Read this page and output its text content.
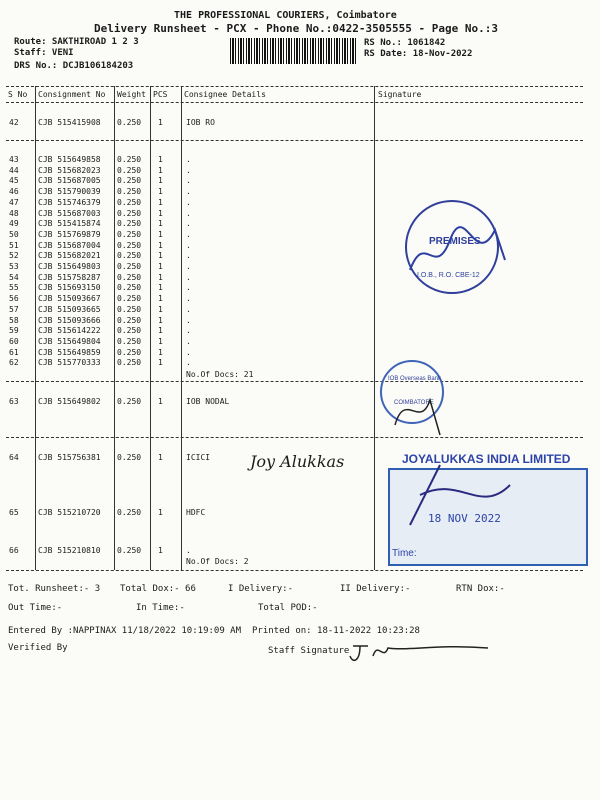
THE PROFESSIONAL COURIERS, Coimbatore
Delivery Runsheet - PCX - Phone No.:0422-3505555 - Page No.:3
Route: SAKTHIROAD 1 2 3
Staff: VENI
DRS No.: DCJB106184203
RS No.: 1061842
RS Date: 18-Nov-2022
S No Consignment No Weight PCS Consignee Details	Signature
42 CJB 515415908 0.250 1	IOB RO
43 CJB 515649858 0.250 1	.
44 CJB 515682023 0.250 1	.
45 CJB 515687005 0.250 1	.
46 CJB 515790039 0.250 1	.
47 CJB 515746379 0.250 1	.
48 CJB 515687003 0.250 1	.
49 CJB 515415874 0.250 1	.
50 CJB 515769879 0.250 1	.
51 CJB 515687004 0.250 1	.
52 CJB 515682021 0.250 1	.
53 CJB 515649803 0.250 1	.
54 CJB 515758287 0.250 1	.
55 CJB 515693150 0.250 1	.
56 CJB 515093667 0.250 1	.
57 CJB 515093665 0.250 1	.
58 CJB 515093666 0.250 1	.
59 CJB 515614222 0.250 1	.
60 CJB 515649804 0.250 1	.
61 CJB 515649859 0.250 1	.
62 CJB 515770333 0.250 1	.
No.Of Docs: 21
63 CJB 515649802 0.250 1	IOB NODAL
64 CJB 515756381 0.250 1	ICICI
65 CJB 515210720 0.250 1	HDFC
66 CJB 515210810 0.250 1	.
No.Of Docs: 2
PREMISES
I.O.B., R.O. CBE-12
IOB Overseas Bank
COIMBATORE
Joy Alukkas	JOYALUKKAS INDIA LIMITED
18 NOV 2022
Time:
Tot. Runsheet:- 3 Total Dox:- 66	I Delivery:-	II Delivery:-	RTN Dox:-
Out Time:-	In Time:-	Total POD:-
Entered By :NAPPINAX 11/18/2022 10:19:09 AM Printed on: 18-11-2022 10:23:28
Verified By	Staff Signature
